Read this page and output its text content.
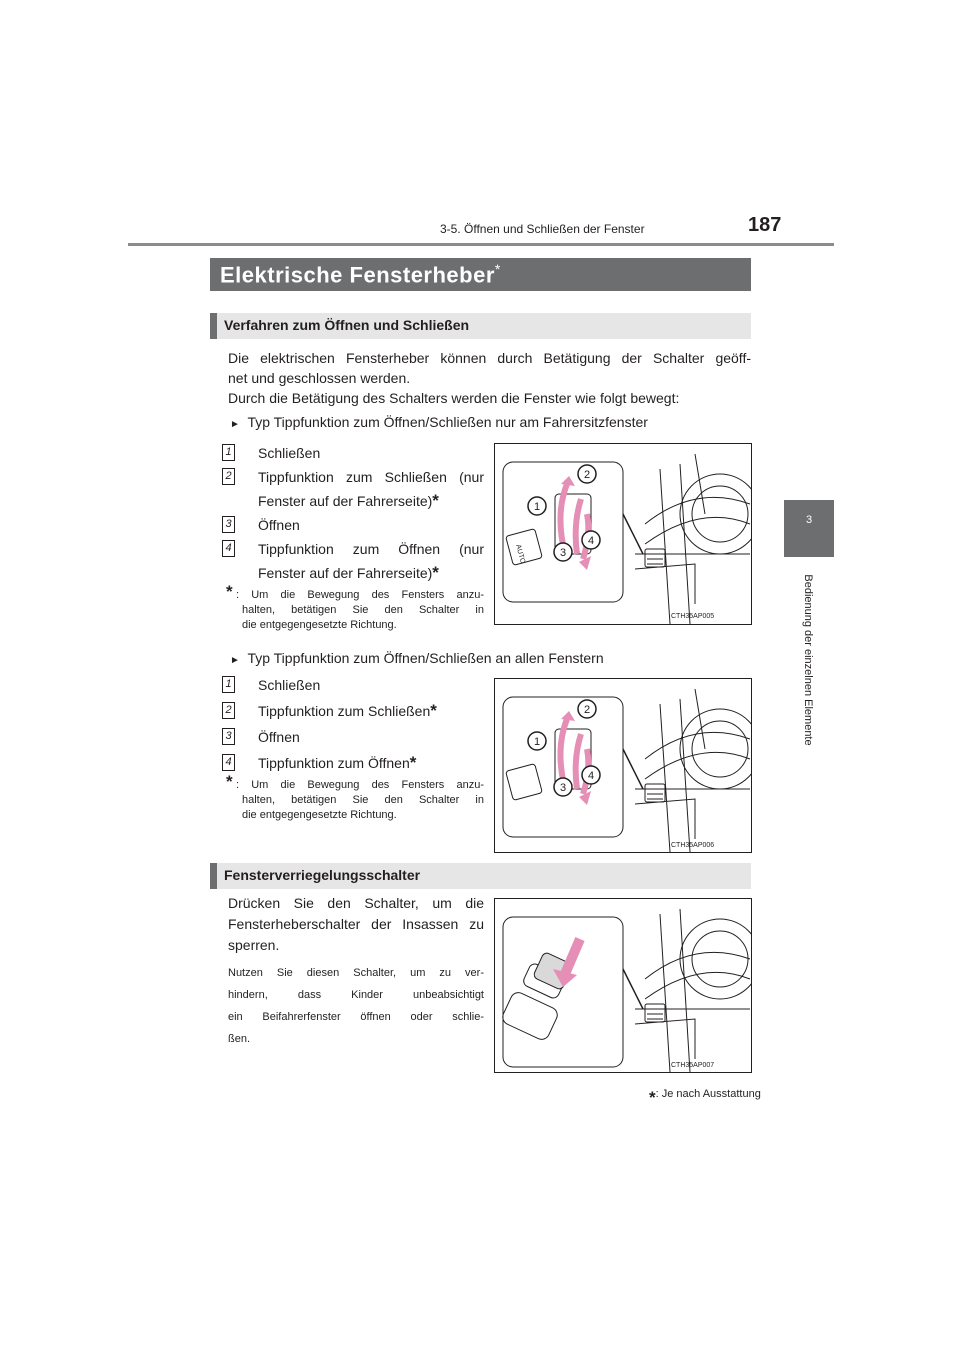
3-5. Öffnen und Schließen der Fenster	187
3
Bedienung der einzelnen Elemente
Elektrische Fensterheber*
Verfahren zum Öffnen und Schließen
Die elektrischen Fensterheber können durch Betätigung der Schalter geöff-
net und geschlossen werden.
Durch die Betätigung des Schalters werden die Fenster wie folgt bewegt:
► Typ Tippfunktion zum Öffnen/Schließen nur am Fahrersitzfenster
1 Schließen
2 Tippfunktion zum Schließen (nur
Fenster auf der Fahrerseite)*
3 Öffnen
4 Tippfunktion zum Öffnen (nur
Fenster auf der Fahrerseite)*
* : Um die Bewegung des Fensters anzu-
halten, betätigen Sie den Schalter in
die entgegengesetzte Richtung.
AUTO
1
2
3
4
CTH35AP005
► Typ Tippfunktion zum Öffnen/Schließen an allen Fenstern
1 Schließen
2 Tippfunktion zum Schließen*
3 Öffnen
4 Tippfunktion zum Öffnen*
* : Um die Bewegung des Fensters anzu-
halten, betätigen Sie den Schalter in
die entgegengesetzte Richtung.
1
2
3
4
CTH35AP006
Fensterverriegelungsschalter
Drücken Sie den Schalter, um die
Fensterheberschalter der Insassen zu
sperren.
Nutzen Sie diesen Schalter, um zu ver-
hindern, dass Kinder unbeabsichtigt
ein Beifahrerfenster öffnen oder schlie-
ßen.
CTH35AP007
*: Je nach Ausstattung
